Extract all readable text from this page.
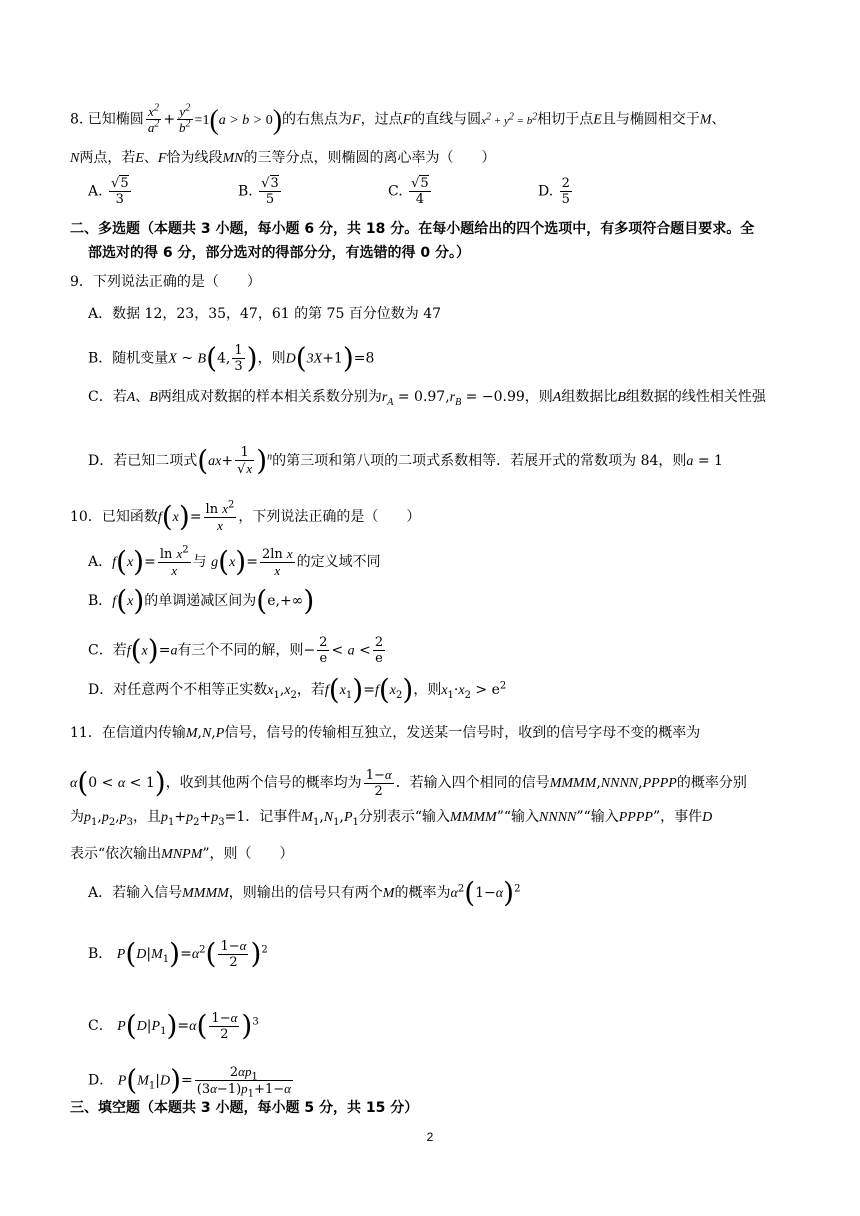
8. 已知椭圆 $\frac{x^2}{a^2} + \frac{y^2}{b^2} =1(a > b > 0)$的右焦点为F，过点F的直线与圆$x^2 + y^2 = b^2$相切于点E且与椭圆相交于M、
N两点，若E、F恰为线段MN的三等分点，则椭圆的离心率为（　　）
A. $\frac{√5}{3}$	B. $\frac{√3}{5}$	C. $\frac{√5}{4}$	D. $\frac{2}{5}$
二、多选题（本题共 3 小题，每小题 6 分，共 18 分。在每小题给出的四个选项中，有多项符合题目要求。全
部选对的得 6 分，部分选对的得部分分，有选错的得 0 分。）
9．下列说法正确的是（　　）
A．数据 12，23，35，47，61 的第 75 百分位数为 47
B．随机变量X ~ B(4, $\frac{1}{3}$ )，则D(3X+1)=8
C．若A、B两组成对数据的样本相关系数分别为$r_A = 0.97,r_B = -0.99$，则A组数据比B组数据的线性相关性强
D．若已知二项式$(ax+ \frac{1}{√x} )^n$的第三项和第八项的二项式系数相等．若展开式的常数项为 84，则a = 1
10．已知函数$f(x)= \frac{\ln x^2}{x}$ ，下列说法正确的是（　　）
A．$f(x)= \frac{\ln x^2}{x}$ 与 $g(x)= \frac{\text{2ln x}}{x}$ 的定义域不同
B．f(x)的单调递减区间为(e,+∞)
C．若f(x)=a有三个不同的解，则− $\frac{2}{e} < a < \frac{2}{e}$
D．对任意两个不相等正实数$x_1,x_2$，若$f(x_1)=f(x_2)$，则$x_1\cdot x_2 > e^2$
11．在信道内传输M,N,P信号，信号的传输相互独立，发送某一信号时，收到的信号字母不变的概率为
α(0 < α < 1)，收到其他两个信号的概率均为 $\frac{1-\alpha}{2}$ ．若输入四个相同的信号MMMM,NNNN,PPPP的概率分别
为$p_1,p_2,p_3$，且$p_1+p_2+p_3=1$．记事件$M_1,N_1,P_1$分别表示“输入MMMM”“输入NNNN”“输入PPPP”，事件D
表示“依次输出MNPM”，则（　　）
A．若输入信号MMMM，则输出的信号只有两个M的概率为$\alpha^2(1-\alpha)^2$
B． $P(D|M_1)=\alpha^2( \frac{1-\alpha}{2} )^2$
C． $P(D|P_1)=\alpha( \frac{1-\alpha}{2} )^3$
D． $P(M_1|D)= \frac{2\alpha p_1}{(3\alpha-1)p_1+1-\alpha}$
三、填空题（本题共 3 小题，每小题 5 分，共 15 分）
2
